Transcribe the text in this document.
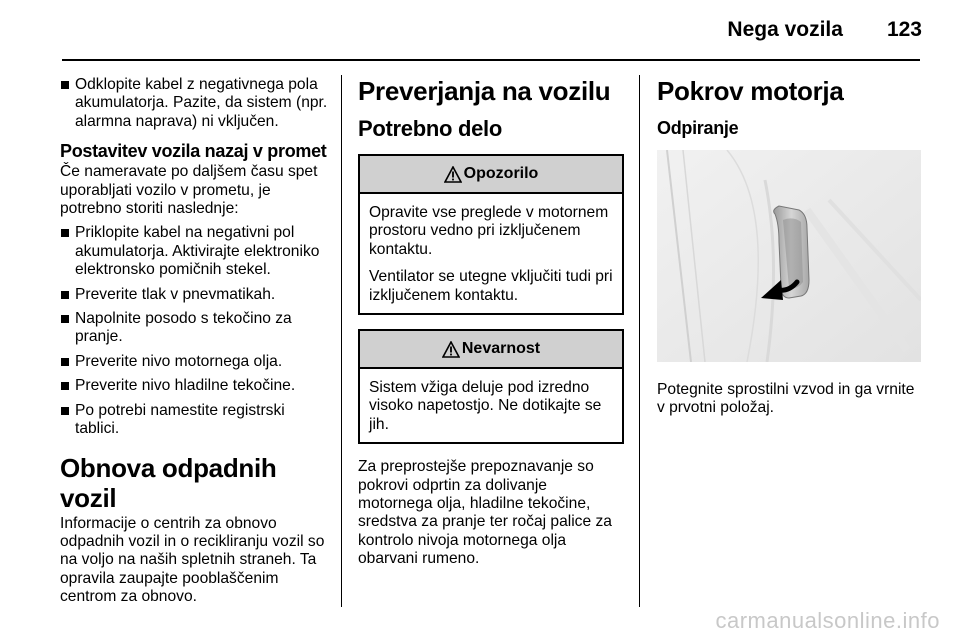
Nega vozila 123
Odklopite kabel z negativnega pola akumulatorja. Pazite, da sistem (npr. alarmna naprava) ni vključen.
Postavitev vozila nazaj v promet
Če nameravate po daljšem času spet uporabljati vozilo v prometu, je potrebno storiti naslednje:
Priklopite kabel na negativni pol akumulatorja. Aktivirajte elektroniko elektronsko pomičnih stekel.
Preverite tlak v pnevmatikah.
Napolnite posodo s tekočino za pranje.
Preverite nivo motornega olja.
Preverite nivo hladilne tekočine.
Po potrebi namestite registrski tablici.
Obnova odpadnih vozil
Informacije o centrih za obnovo odpadnih vozil in o recikliranju vozil so na voljo na naših spletnih straneh. Ta opravila zaupajte pooblaščenim centrom za obnovo.
Preverjanja na vozilu
Potrebno delo
Opozorilo

Opravite vse preglede v motornem prostoru vedno pri izključenem kontaktu.

Ventilator se utegne vključiti tudi pri izključenem kontaktu.

Nevarnost

Sistem vžiga deluje pod izredno visoko napetostjo. Ne dotikajte se jih.

Za preprostejše prepoznavanje so pokrovi odprtin za dolivanje motornega olja, hladilne tekočine, sredstva za pranje ter ročaj palice za kontrolo nivoja motornega olja obarvani rumeno.
Pokrov motorja
Odpiranje
Potegnite sprostilni vzvod in ga vrnite v prvotni položaj.
carmanualsonline.info
